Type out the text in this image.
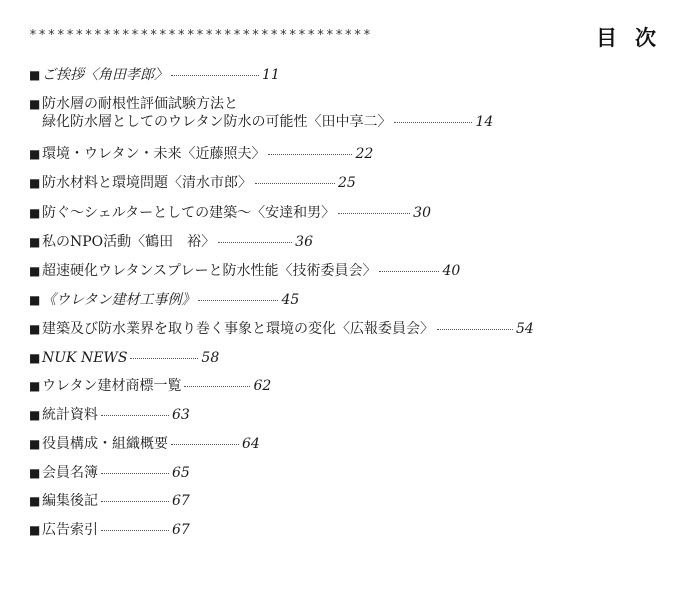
*************************************	目次
■ ご挨拶〈角田孝郎〉	11
■ 防水層の耐根性評価試験方法と
緑化防水層としてのウレタン防水の可能性〈田中享二〉	14
■ 環境・ウレタン・未来〈近藤照夫〉	22
■ 防水材料と環境問題〈清水市郎〉	25
■ 防ぐ～シェルターとしての建築～〈安達和男〉	30
■ 私のNPO活動〈鶴田　裕〉	36
■ 超速硬化ウレタンスプレーと防水性能〈技術委員会〉	40
■ 《ウレタン建材工事例》	45
■ 建築及び防水業界を取り巻く事象と環境の変化〈広報委員会〉	54
■ NUK NEWS	58
■ ウレタン建材商標一覧	62
■ 統計資料	63
■ 役員構成・組織概要	64
■ 会員名簿	65
■ 編集後記	67
■ 広告索引	67
